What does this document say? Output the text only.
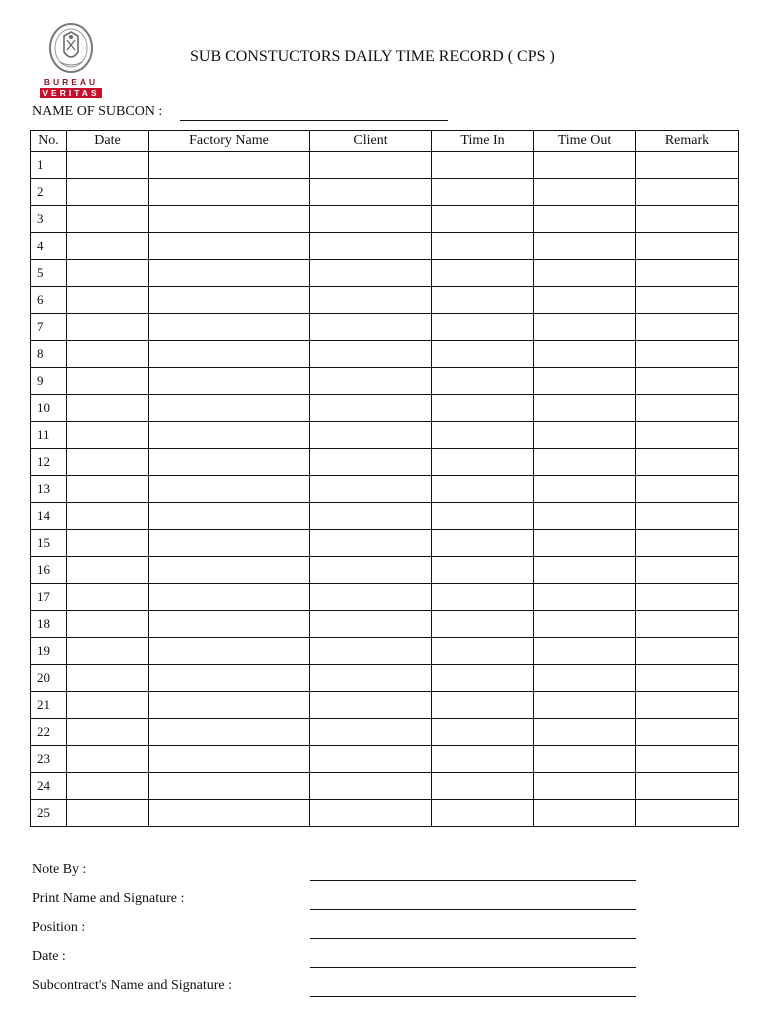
BUREAU
VERITAS
SUB CONSTUCTORS DAILY TIME RECORD ( CPS )
NAME OF SUBCON :
No.	Date	Factory Name	Client	Time In	Time Out	Remark
1						
2						
3						
4						
5						
6						
7						
8						
9						
10						
11						
12						
13						
14						
15						
16						
17						
18						
19						
20						
21						
22						
23						
24						
25						
Note By :
Print Name and Signature :
Position :
Date :
Subcontract's Name and Signature :
